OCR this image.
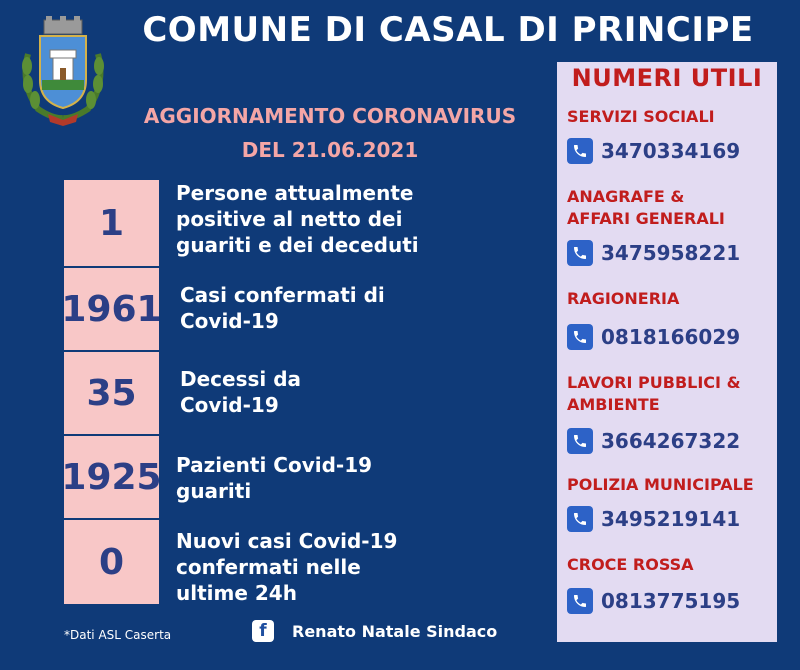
COMUNE DI CASAL DI PRINCIPE
AGGIORNAMENTO CORONAVIRUS
DEL 21.06.2021
1
Persone attualmente
positive al netto dei
guariti e dei deceduti
1961 Casi confermati di
Covid-19
35	Decessi da
Covid-19
1925 Pazienti Covid-19
guariti
0
Nuovi casi Covid-19
confermati nelle
ultime 24h
NUMERI UTILI
SERVIZI SOCIALI
3470334169
ANAGRAFE &
AFFARI GENERALI
3475958221
RAGIONERIA
0818166029
LAVORI PUBBLICI &
AMBIENTE
3664267322
POLIZIA MUNICIPALE
3495219141
CROCE ROSSA
0813775195
*Dati ASL Caserta	f	Renato Natale Sindaco
